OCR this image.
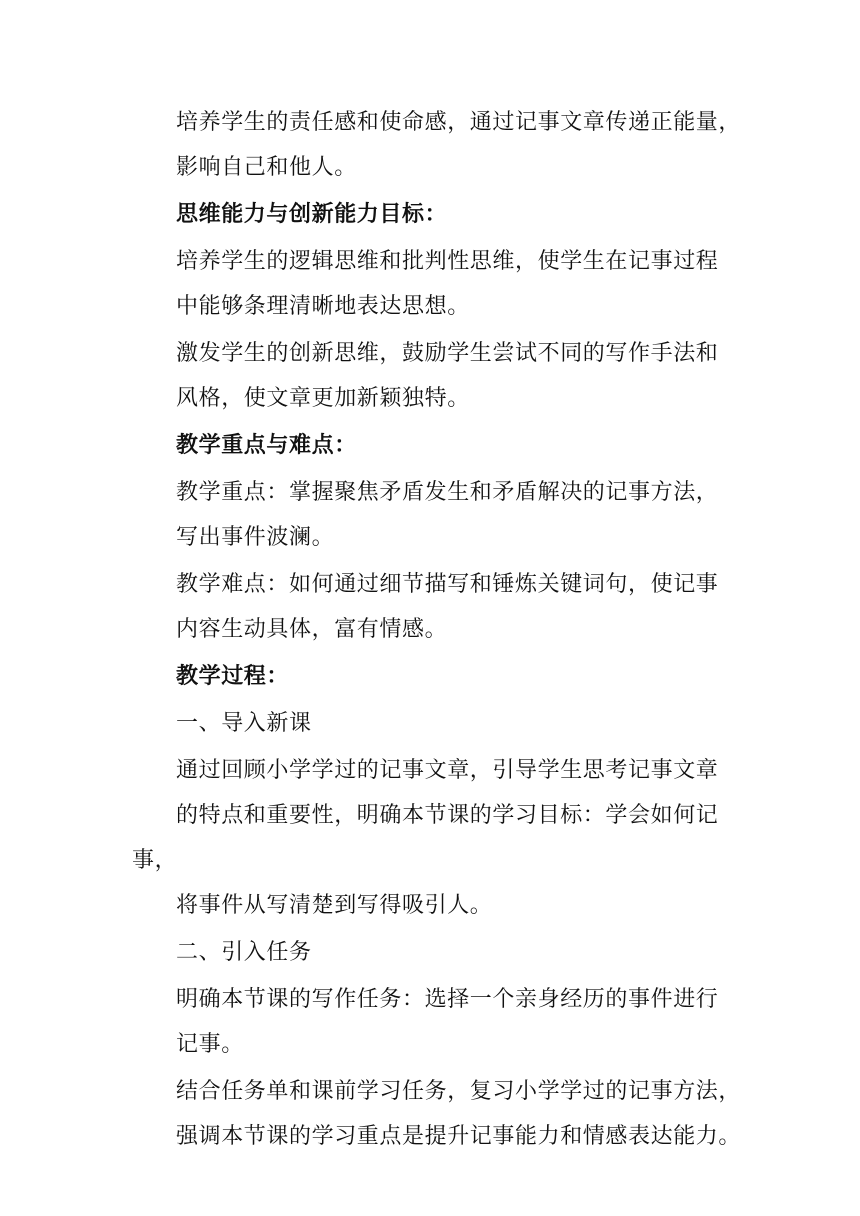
培养学生的责任感和使命感，通过记事文章传递正能量，
影响自己和他人。

思维能力与创新能力目标：

培养学生的逻辑思维和批判性思维，使学生在记事过程
中能够条理清晰地表达思想。

激发学生的创新思维，鼓励学生尝试不同的写作手法和
风格，使文章更加新颖独特。

教学重点与难点：

教学重点：掌握聚焦矛盾发生和矛盾解决的记事方法，
写出事件波澜。

教学难点：如何通过细节描写和锤炼关键词句，使记事
内容生动具体，富有情感。

教学过程：

一、导入新课

通过回顾小学学过的记事文章，引导学生思考记事文章
的特点和重要性，明确本节课的学习目标：学会如何记事，
将事件从写清楚到写得吸引人。

二、引入任务

明确本节课的写作任务：选择一个亲身经历的事件进行
记事。

结合任务单和课前学习任务，复习小学学过的记事方法，
强调本节课的学习重点是提升记事能力和情感表达能力。
